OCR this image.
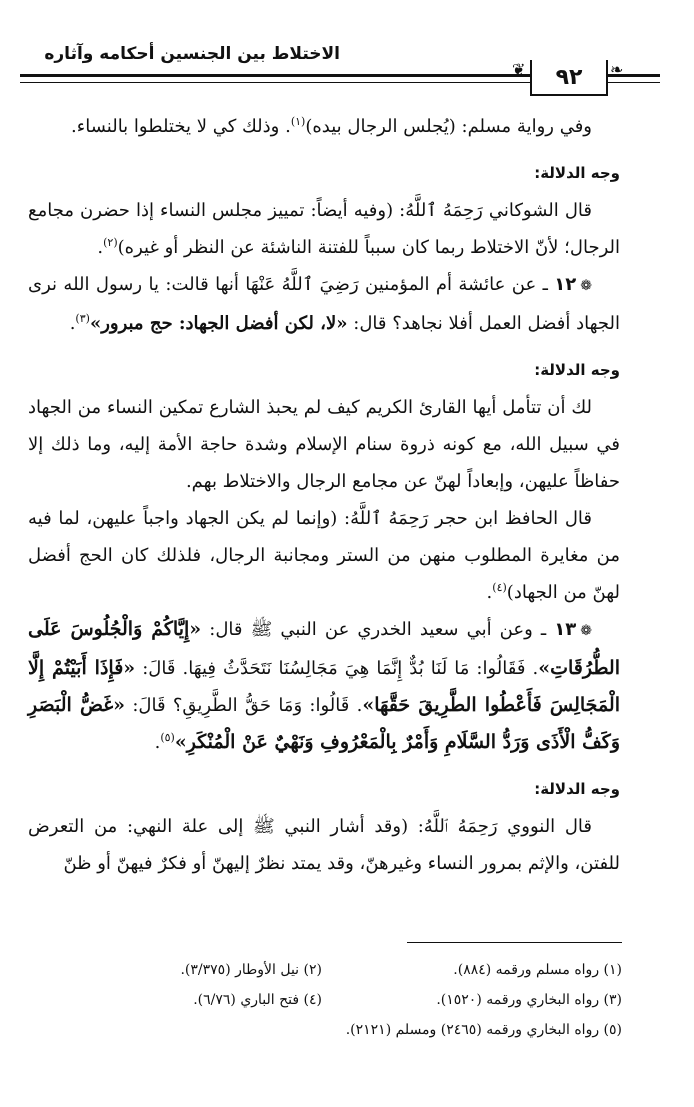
الاختلاط بين الجنسين أحكامه وآثاره
❦	٩٢	❧

وفي رواية مسلم: (يُجلس الرجال بيده)$^{(١)}$. وذلك كي لا يختلطوا بالنساء.

وجه الدلالة:

قال الشوكاني رَحِمَهُ ٱللَّهُ: (وفيه أيضاً: تمييز مجلس النساء إذا حضرن مجامع الرجال؛ لأنّ الاختلاط ربما كان سبباً للفتنة الناشئة عن النظر أو غيره)$^{(٢)}$.

❁١٢ ـ عن عائشة أم المؤمنين رَضِيَ ٱللَّهُ عَنْهَا أنها قالت: يا رسول الله نرى الجهاد أفضل العمل أفلا نجاهد؟ قال: «لا، لكن أفضل الجهاد: حج مبرور»$^{(٣)}$.

وجه الدلالة:

لك أن تتأمل أيها القارئ الكريم كيف لم يحبذ الشارع تمكين النساء من الجهاد في سبيل الله، مع كونه ذروة سنام الإسلام وشدة حاجة الأمة إليه، وما ذلك إلا حفاظاً عليهن، وإبعاداً لهنّ عن مجامع الرجال والاختلاط بهم.

قال الحافظ ابن حجر رَحِمَهُ ٱللَّهُ: (وإنما لم يكن الجهاد واجباً عليهن، لما فيه من مغايرة المطلوب منهن من الستر ومجانبة الرجال، فلذلك كان الحج أفضل لهنّ من الجهاد)$^{(٤)}$.

❁١٣ ـ وعن أبي سعيد الخدري عن النبي ﷺ قال: «إِيَّاكُمْ وَالْجُلُوسَ عَلَى الطُّرُقَاتِ». فَقَالُوا: مَا لَنَا بُدٌّ إِنَّمَا هِيَ مَجَالِسُنَا نَتَحَدَّثُ فِيهَا. قَالَ: «فَإِذَا أَبَيْتُمْ إِلَّا الْمَجَالِسَ فَأَعْطُوا الطَّرِيقَ حَقَّهَا». قَالُوا: وَمَا حَقُّ الطَّرِيقِ؟ قَالَ: «غَضُّ الْبَصَرِ وَكَفُّ الْأَذَى وَرَدُّ السَّلَامِ وَأَمْرٌ بِالْمَعْرُوفِ وَنَهْيٌ عَنْ الْمُنْكَرِ»$^{(٥)}$.

وجه الدلالة:

قال النووي رَحِمَهُ ٱللَّهُ: (وقد أشار النبي ﷺ إلى علة النهي: من التعرض للفتن، والإثم بمرور النساء وغيرهنّ، وقد يمتد نظرٌ إليهنّ أو فكرٌ فيهنّ أو ظنّ

(١) رواه مسلم ورقمه (٨٨٤).
(٢) نيل الأوطار (٣/٣٧٥).
(٣) رواه البخاري ورقمه (١٥٢٠).
(٤) فتح الباري (٦/٧٦).
(٥) رواه البخاري ورقمه (٢٤٦٥) ومسلم (٢١٢١).
